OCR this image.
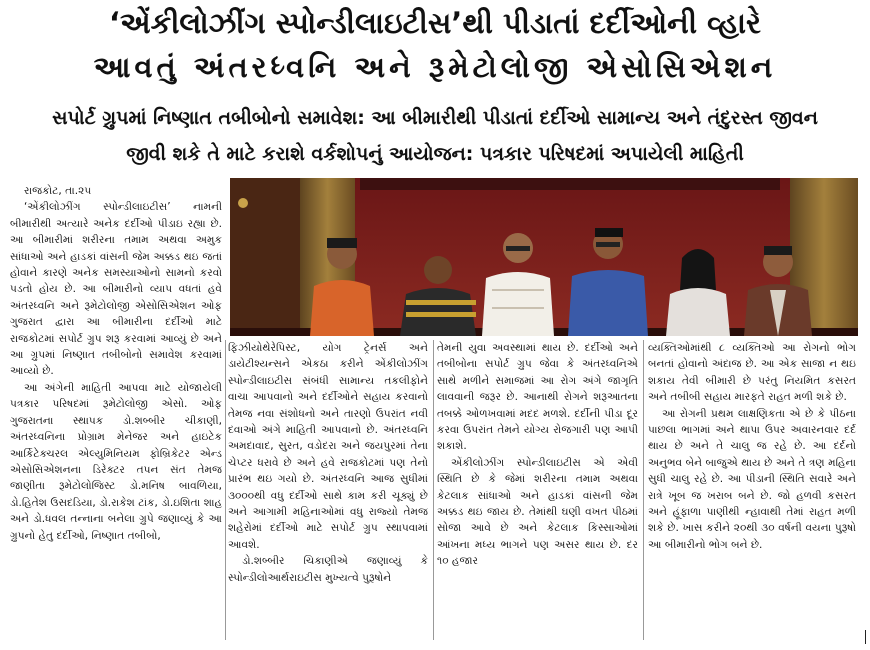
‘એંકીલોઝીંગ સ્પોન્ડીલાઇટીસ’થી પીડાતાં દર્દીઓની વ્હારે
આવતું અંતરધ્વનિ અને રૂમેટોલોજી એસોસિએશન
સપોર્ટ ગ્રુપમાં નિષ્ણાત તબીબોનો સમાવેશ: આ બીમારીથી પીડાતાં દર્દીઓ સામાન્ય અને તંદુરસ્ત જીવન
જીવી શકે તે માટે કરાશે વર્કશોપનું આયોજન: પત્રકાર પરિષદમાં અપાયેલી માહિતી

રાજકોટ, તા.૨૫

‘એંકીલોઝીંગ સ્પોન્ડીલાઇટીસ’ નામની બીમારીથી અત્યારે અનેક દર્દીઓ પીડાઇ રહ્યા છે. આ બીમારીમાં શરીરના તમામ અથવા અમુક સાંધાઓ અને હાડકાં વાંસની જેમ અક્કડ થઇ જતાં હોવાને કારણે અનેક સમસ્યાઓનો સામનો કરવો પડતો હોય છે. આ બીમારીનો વ્યાપ વધતાં હવે અંતરધ્વનિ અને રૂમેટોલોજી એસોસિએશન ઓફ ગુજરાત દ્વારા આ બીમારીના દર્દીઓ માટે રાજકોટમાં સપોર્ટ ગ્રુપ શરૂ કરવામાં આવ્યું છે અને આ ગ્રુપમાં નિષ્ણાત તબીબોનો સમાવેશ કરવામાં આવ્યો છે.

આ અંગેની માહિતી આપવા માટે યોજાયેલી પત્રકાર પરિષદમાં રૂમેટોલોજી એસો. ઓફ ગુજરાતના સ્થાપક ડો.શબ્બીર ચીકાણી, અંતરધ્વનિના પ્રોગ્રામ મેનેજર અને હાઇટેક આર્કિટેક્ચરલ એલ્યુમિનિયમ ફોબ્રિકેટર એન્ડ એસોસિએશનના ડિરેક્ટર તપન સંત તેમજ જાણીતા રૂમેટોલોજિસ્ટ ડો.મનિષ બાવળિયા, ડો.હિતેશ ઉસદડિયા, ડો.રાકેશ ટાંક, ડો.ઇશિતા શાહ અને ડો.ધવલ તન્નાના બનેલા ગ્રુપે જણાવ્યું કે આ ગ્રુપનો હેતુ દર્દીઓ, નિષ્ણાત તબીબો,

ફિઝીયોથેરેપિસ્ટ, યોગ ટ્રેનર્સ અને ડાયેટીશ્યન્સને એકઠા કરીને એંકીલોઝીંગ સ્પોન્ડીલાઇટીસ સંબંધી સામાન્ય તકલીફોને વાચા આપવાનો અને દર્દીઓને સહાય કરવાનો તેમજ નવા સંશોધનો અને તારણો ઉપરાંત નવી દવાઓ અંગે માહિતી આપવાનો છે. અંતરધ્વનિ અમદાવાદ, સુરત, વડોદરા અને જયપુરમાં તેના ચેપ્ટર ધરાવે છે અને હવે રાજકોટમાં પણ તેનો પ્રારંભ થઇ ગયો છે. અંતરધ્વનિ આજ સુધીમાં ૩૦૦૦થી વધુ દર્દીઓ સાથે કામ કરી ચૂક્યું છે અને આગામી મહિનાઓમાં વધુ રાજ્યો તેમજ શહેરોમાં દર્દીઓ માટે સપોર્ટ ગ્રુપ સ્થાપવામાં આવશે.

ડો.શબ્બીર ચિકાણીએ જણાવ્યું કે સ્પોન્ડીલોઆર્થરાઇટીસ મુખ્યત્વે પુરૂષોને

તેમની યુવા અવસ્થામાં થાય છે. દર્દીઓ અને તબીબોના સપોર્ટ ગ્રુપ જેવા કે અંતરધ્વનિએ સાથે મળીને સમાજમાં આ રોગ અંગે જાગૃતિ લાવવાની જરૂર છે. આનાથી રોગને શરૂઆતના તબક્કે ઓળખવામાં મદદ મળશે. દર્દીની પીડા દૂર કરવા ઉપરાંત તેમને યોગ્ય રોજગારી પણ આપી શકાશે.

એંકીલોઝીંગ સ્પોન્ડીલાઇટીસ એ એવી સ્થિતિ છે કે જેમાં શરીરના તમામ અથવા કેટલાક સાંધાઓ અને હાડકાં વાંસની જેમ અક્કડ થઇ જાય છે. તેમાંથી ઘણી વખત પીઠમાં સોજા આવે છે અને કેટલાક કિસ્સાઓમાં આંખના મધ્ય ભાગને પણ અસર થાય છે. દર ૧૦ હજાર

વ્યક્તિઓમાંથી ૮ વ્યક્તિઓ આ રોગનો ભોગ બનતાં હોવાનો અંદાજ છે. આ એક સાજા ન થઇ શકાય તેવી બીમારી છે પરંતુ નિયમિત કસરત અને તબીબી સહાય મારફતે રાહત મળી શકે છે.

આ રોગની પ્રથમ લાક્ષણિકતા એ છે કે પીઠના પાછલા ભાગમાં અને થાપા ઉપર અવારનવાર દર્દ થાય છે અને તે ચાલુ જ રહે છે. આ દર્દનો અનુભવ બેને બાજુએ થાય છે અને તે ત્રણ મહિના સુધી ચાલુ રહે છે. આ પીડાની સ્થિતિ સવારે અને રાત્રે ખૂબ જ ખરાબ બને છે. જો હળવી કસરત અને હૂંફાળા પાણીથી ન્હાવાથી તેમાં રાહત મળી શકે છે. ખાસ કરીને ૨૦થી ૩૦ વર્ષની વયના પુરૂષો આ બીમારીનો ભોગ બને છે.
